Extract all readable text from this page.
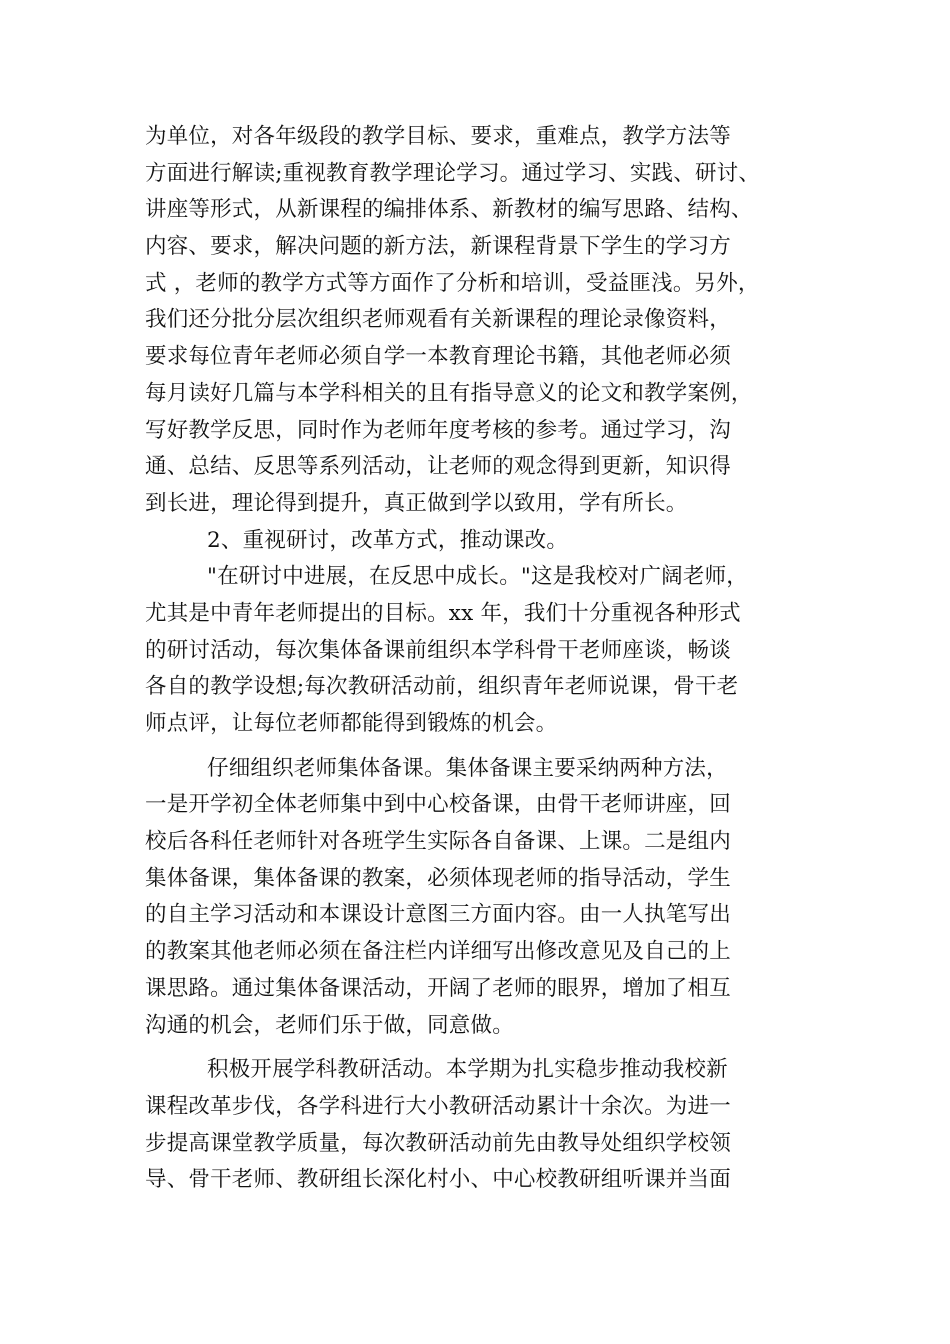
为单位，对各年级段的教学目标、要求，重难点，教学方法等
方面进行解读;重视教育教学理论学习。通过学习、实践、研讨、
讲座等形式，从新课程的编排体系、新教材的编写思路、结构、
内容、要求，解决问题的新方法，新课程背景下学生的学习方
式 ，老师的教学方式等方面作了分析和培训，受益匪浅。另外，
我们还分批分层次组织老师观看有关新课程的理论录像资料，
要求每位青年老师必须自学一本教育理论书籍，其他老师必须
每月读好几篇与本学科相关的且有指导意义的论文和教学案例，
写好教学反思，同时作为老师年度考核的参考。通过学习，沟
通、总结、反思等系列活动，让老师的观念得到更新，知识得
到长进，理论得到提升，真正做到学以致用，学有所长。
2、重视研讨，改革方式，推动课改。
"在研讨中进展，在反思中成长。"这是我校对广阔老师，
尤其是中青年老师提出的目标。xx 年，我们十分重视各种形式
的研讨活动，每次集体备课前组织本学科骨干老师座谈，畅谈
各自的教学设想;每次教研活动前，组织青年老师说课，骨干老
师点评，让每位老师都能得到锻炼的机会。
仔细组织老师集体备课。集体备课主要采纳两种方法，
一是开学初全体老师集中到中心校备课，由骨干老师讲座，回
校后各科任老师针对各班学生实际各自备课、上课。二是组内
集体备课，集体备课的教案，必须体现老师的指导活动，学生
的自主学习活动和本课设计意图三方面内容。由一人执笔写出
的教案其他老师必须在备注栏内详细写出修改意见及自己的上
课思路。通过集体备课活动，开阔了老师的眼界，增加了相互
沟通的机会，老师们乐于做，同意做。
积极开展学科教研活动。本学期为扎实稳步推动我校新
课程改革步伐，各学科进行大小教研活动累计十余次。为进一
步提高课堂教学质量，每次教研活动前先由教导处组织学校领
导、骨干老师、教研组长深化村小、中心校教研组听课并当面
